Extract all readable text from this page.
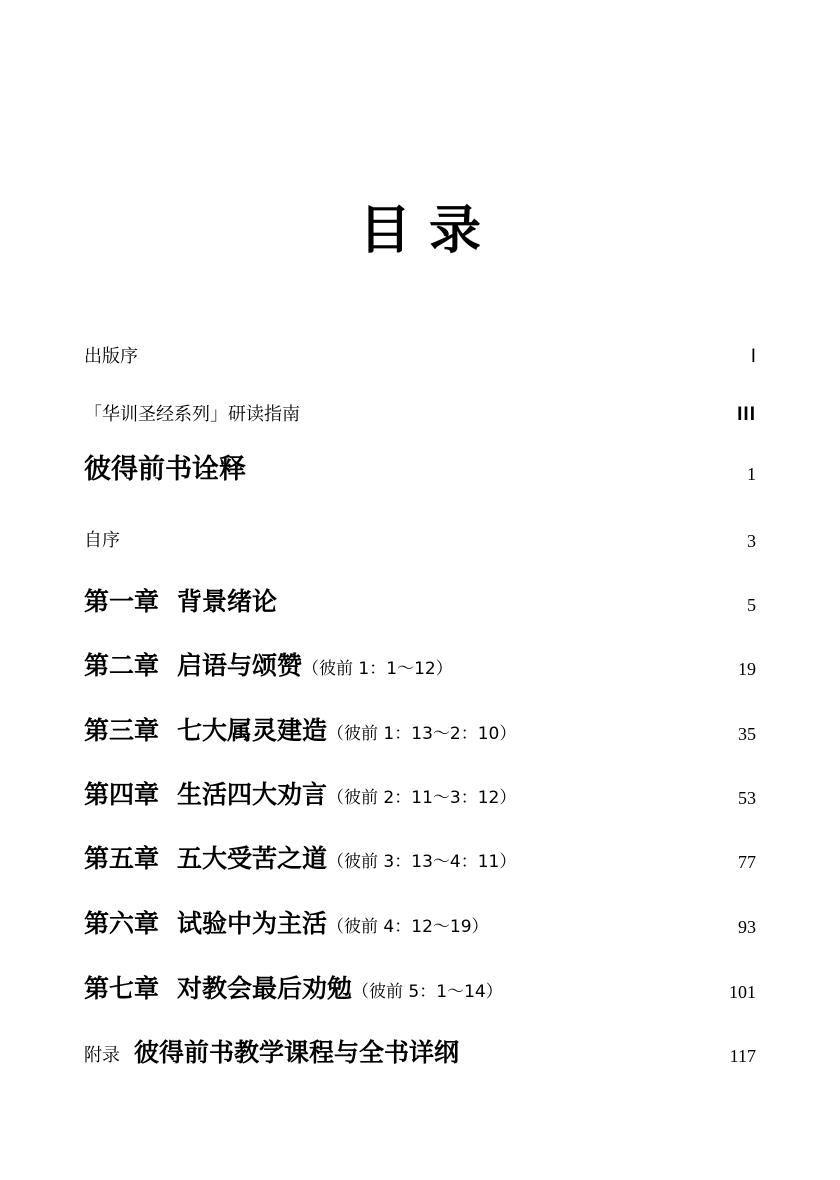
目 录
出版序	I
「华训圣经系列」研读指南	III
彼得前书诠释	1
自序	3
第一章 背景绪论	5
第二章 启语与颂赞（彼前 1：1～12）	19
第三章 七大属灵建造（彼前 1：13～2：10）	35
第四章 生活四大劝言（彼前 2：11～3：12）	53
第五章 五大受苦之道（彼前 3：13～4：11）	77
第六章 试验中为主活（彼前 4：12～19）	93
第七章 对教会最后劝勉（彼前 5：1～14）	101
附录 彼得前书教学课程与全书详纲	117
